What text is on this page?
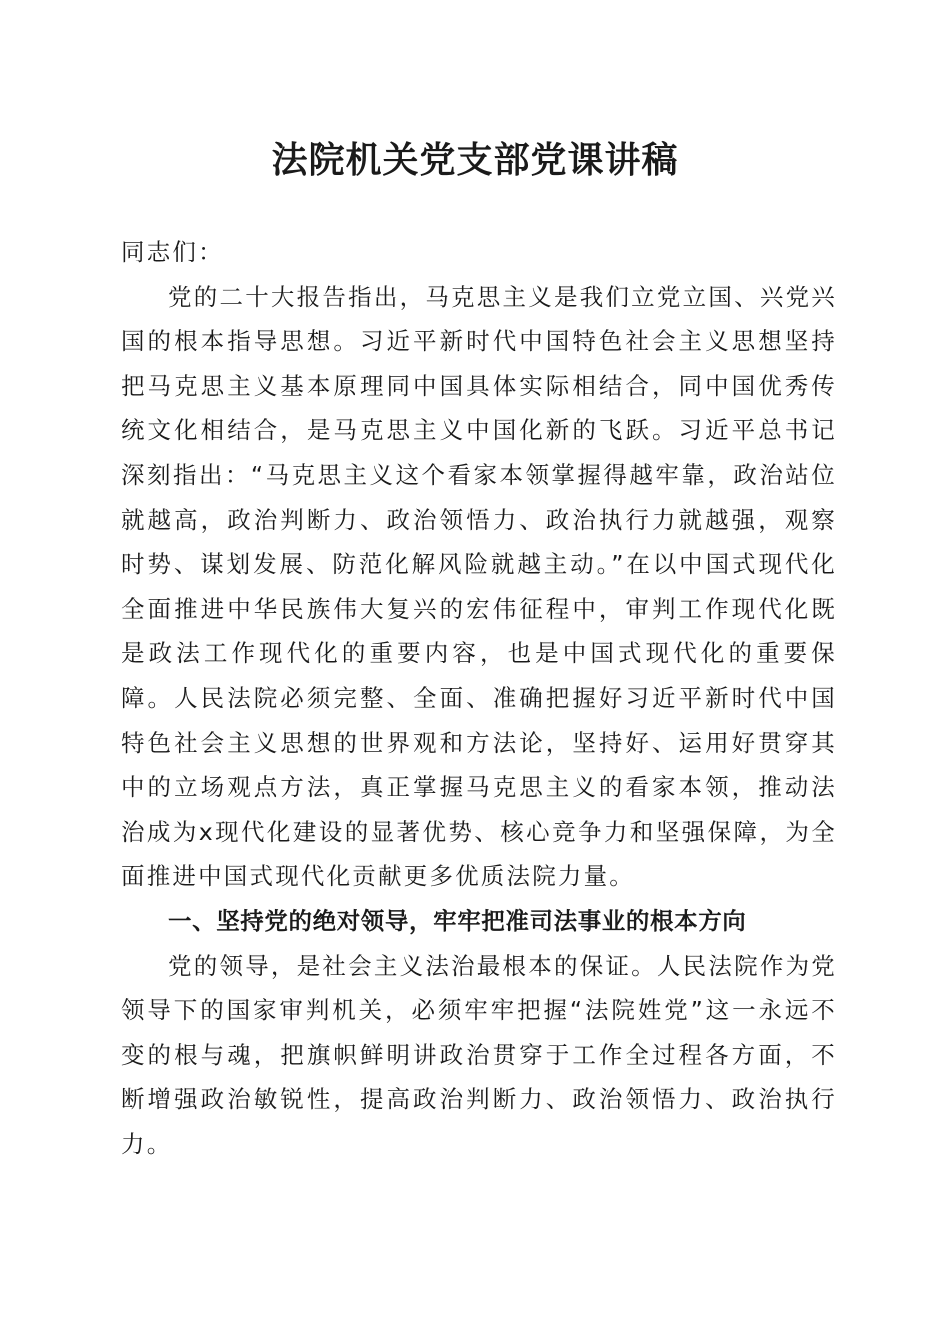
法院机关党支部党课讲稿

同志们：

党的二十大报告指出，马克思主义是我们立党立国、兴党兴国的根本指导思想。习近平新时代中国特色社会主义思想坚持把马克思主义基本原理同中国具体实际相结合，同中国优秀传统文化相结合，是马克思主义中国化新的飞跃。习近平总书记深刻指出：“马克思主义这个看家本领掌握得越牢靠，政治站位就越高，政治判断力、政治领悟力、政治执行力就越强，观察时势、谋划发展、防范化解风险就越主动。”在以中国式现代化全面推进中华民族伟大复兴的宏伟征程中，审判工作现代化既是政法工作现代化的重要内容，也是中国式现代化的重要保障。人民法院必须完整、全面、准确把握好习近平新时代中国特色社会主义思想的世界观和方法论，坚持好、运用好贯穿其中的立场观点方法，真正掌握马克思主义的看家本领，推动法治成为x现代化建设的显著优势、核心竞争力和坚强保障，为全面推进中国式现代化贡献更多优质法院力量。

一、坚持党的绝对领导，牢牢把准司法事业的根本方向

党的领导，是社会主义法治最根本的保证。人民法院作为党领导下的国家审判机关，必须牢牢把握“法院姓党”这一永远不变的根与魂，把旗帜鲜明讲政治贯穿于工作全过程各方面，不断增强政治敏锐性，提高政治判断力、政治领悟力、政治执行力。
